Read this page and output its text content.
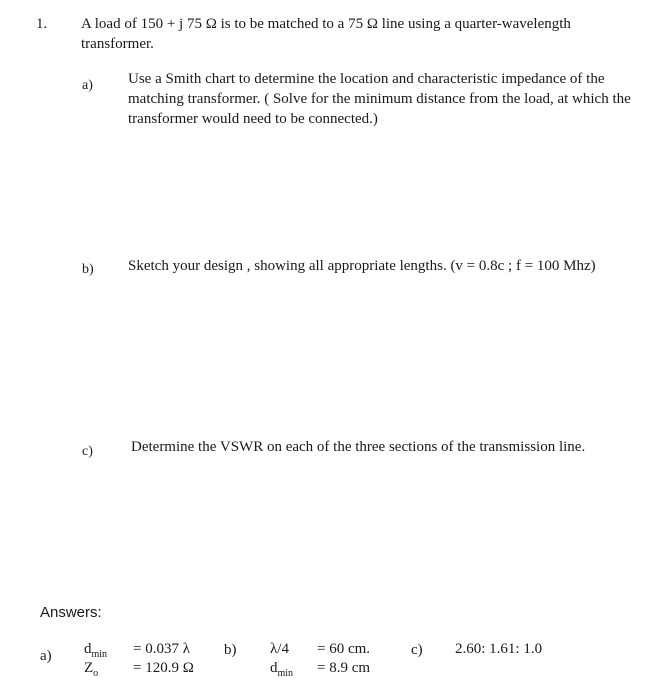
1. A load of 150 + j 75 Ω is to be matched to a 75 Ω line using a quarter-wavelength transformer.
a) Use a Smith chart to determine the location and characteristic impedance of the matching transformer. ( Solve for the minimum distance from the load, at which the transformer would need to be connected.)
b) Sketch your design , showing all appropriate lengths. (v = 0.8c ; f = 100 Mhz)
c)	Determine the VSWR on each of the three sections of the transmission line.
Answers:
a) $d_{min}$
$Z_o$
= 0.037 λ
= 120.9 Ω
b) λ/4
$d_{min}$
= 60 cm.
= 8.9 cm
c) 2.60: 1.61: 1.0
